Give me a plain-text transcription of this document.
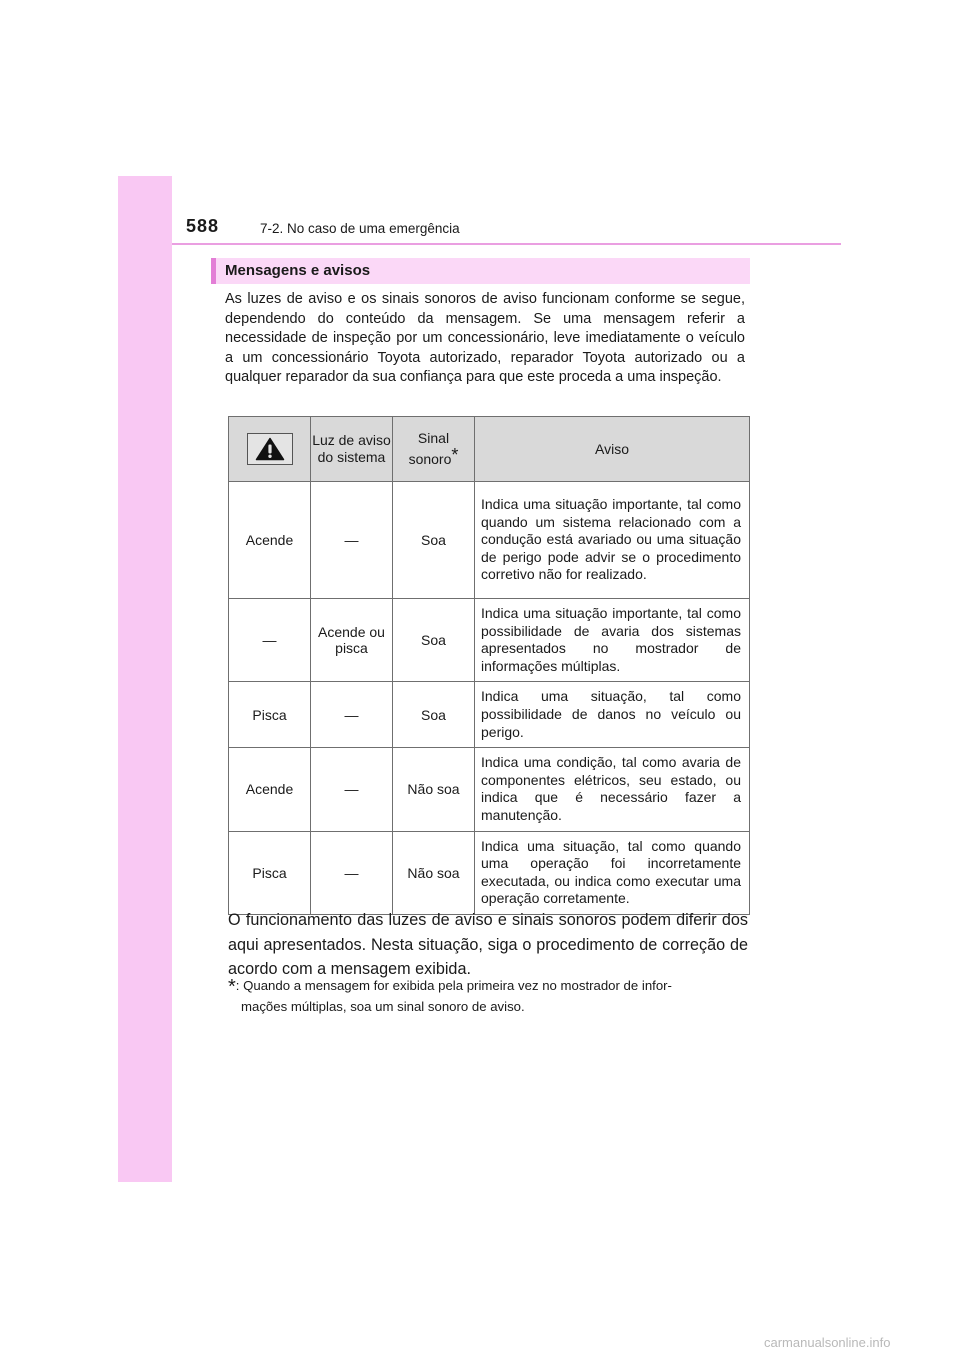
588	7-2. No caso de uma emergência
Mensagens e avisos
As luzes de aviso e os sinais sonoros de aviso funcionam conforme se segue, dependendo do conteúdo da mensagem. Se uma mensagem referir a necessidade de inspeção por um concessionário, leve imediatamente o veículo a um concessionário Toyota autorizado, reparador Toyota autorizado ou a qualquer reparador da sua confiança para que este proceda a uma inspeção.
	Luz de aviso do sistema	Sinal sonoro*	Aviso
Acende	—	Soa	Indica uma situação importante, tal como quando um sistema relacionado com a condução está avariado ou uma situação de perigo pode advir se o procedimento corretivo não for realizado.
—	Acende ou pisca	Soa	Indica uma situação importante, tal como possibilidade de avaria dos sistemas apresentados no mostrador de informações múltiplas.
Pisca	—	Soa	Indica uma situação, tal como possibilidade de danos no veículo ou perigo.
Acende	—	Não soa	Indica uma condição, tal como avaria de componentes elétricos, seu estado, ou indica que é necessário fazer a manutenção.
Pisca	—	Não soa	Indica uma situação, tal como quando uma operação foi incorretamente executada, ou indica como executar uma operação corretamente.
O funcionamento das luzes de aviso e sinais sonoros podem diferir dos aqui apresentados. Nesta situação, siga o procedimento de correção de acordo com a mensagem exibida.
*: Quando a mensagem for exibida pela primeira vez no mostrador de infor-
mações múltiplas, soa um sinal sonoro de aviso.
carmanualsonline.info
